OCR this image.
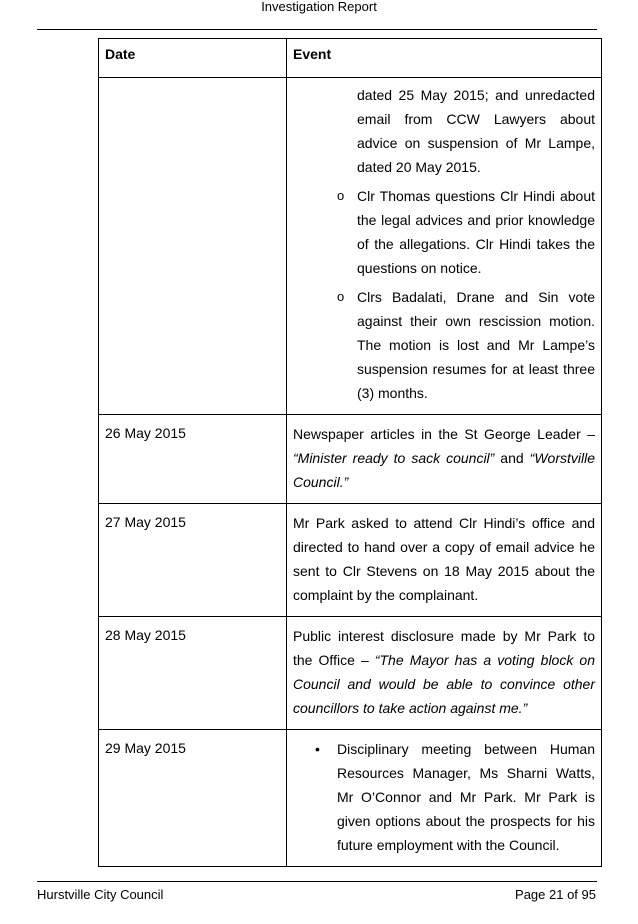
Investigation Report
Date	Event

	dated 25 May 2015; and unredacted email from CCW Lawyers about advice on suspension of Mr Lampe, dated 20 May 2015.

o Clr Thomas questions Clr Hindi about the legal advices and prior knowledge of the allegations. Clr Hindi takes the questions on notice.

o Clrs Badalati, Drane and Sin vote against their own rescission motion. The motion is lost and Mr Lampe’s suspension resumes for at least three (3) months.

26 May 2015	Newspaper articles in the St George Leader – “Minister ready to sack council” and “Worstville Council.”

27 May 2015	Mr Park asked to attend Clr Hindi’s office and directed to hand over a copy of email advice he sent to Clr Stevens on 18 May 2015 about the complaint by the complainant.

28 May 2015	Public interest disclosure made by Mr Park to the Office – “The Mayor has a voting block on Council and would be able to convince other councillors to take action against me.”

29 May 2015	• Disciplinary meeting between Human Resources Manager, Ms Sharni Watts, Mr O’Connor and Mr Park. Mr Park is given options about the prospects for his future employment with the Council.

Hurstville City Council	Page 21 of 95
